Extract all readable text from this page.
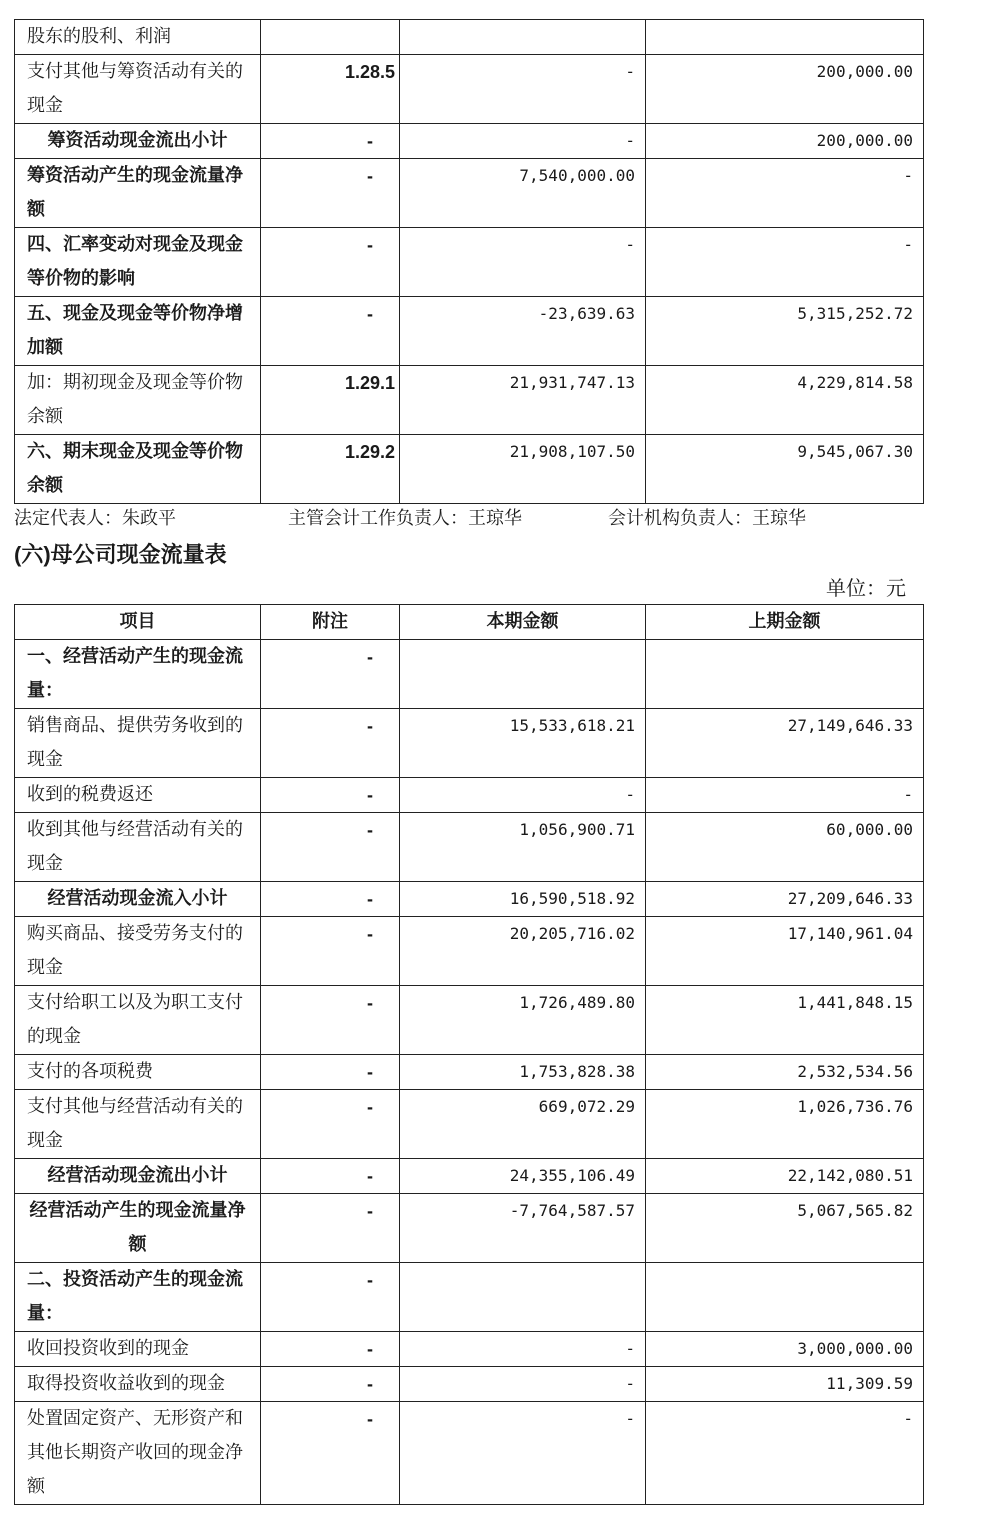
股东的股利、利润			
支付其他与筹资活动有关的现金	1.28.5	-	200,000.00
筹资活动现金流出小计	-	-	200,000.00
筹资活动产生的现金流量净额	-	7,540,000.00	-
四、汇率变动对现金及现金等价物的影响	-	-	-
五、现金及现金等价物净增加额	-	-23,639.63	5,315,252.72
加：期初现金及现金等价物余额	1.29.1	21,931,747.13	4,229,814.58
六、期末现金及现金等价物余额	1.29.2	21,908,107.50	9,545,067.30
法定代表人：朱政平	主管会计工作负责人：王琼华	会计机构负责人：王琼华
(六)母公司现金流量表
单位：元
项目	附注	本期金额	上期金额
一、经营活动产生的现金流量：	-		
销售商品、提供劳务收到的现金	-	15,533,618.21	27,149,646.33
收到的税费返还	-	-	-
收到其他与经营活动有关的现金	-	1,056,900.71	60,000.00
经营活动现金流入小计	-	16,590,518.92	27,209,646.33
购买商品、接受劳务支付的现金	-	20,205,716.02	17,140,961.04
支付给职工以及为职工支付的现金	-	1,726,489.80	1,441,848.15
支付的各项税费	-	1,753,828.38	2,532,534.56
支付其他与经营活动有关的现金	-	669,072.29	1,026,736.76
经营活动现金流出小计	-	24,355,106.49	22,142,080.51
经营活动产生的现金流量净额	-	-7,764,587.57	5,067,565.82
二、投资活动产生的现金流量：	-		
收回投资收到的现金	-	-	3,000,000.00
取得投资收益收到的现金	-	-	11,309.59
处置固定资产、无形资产和其他长期资产收回的现金净额	-	-	-
